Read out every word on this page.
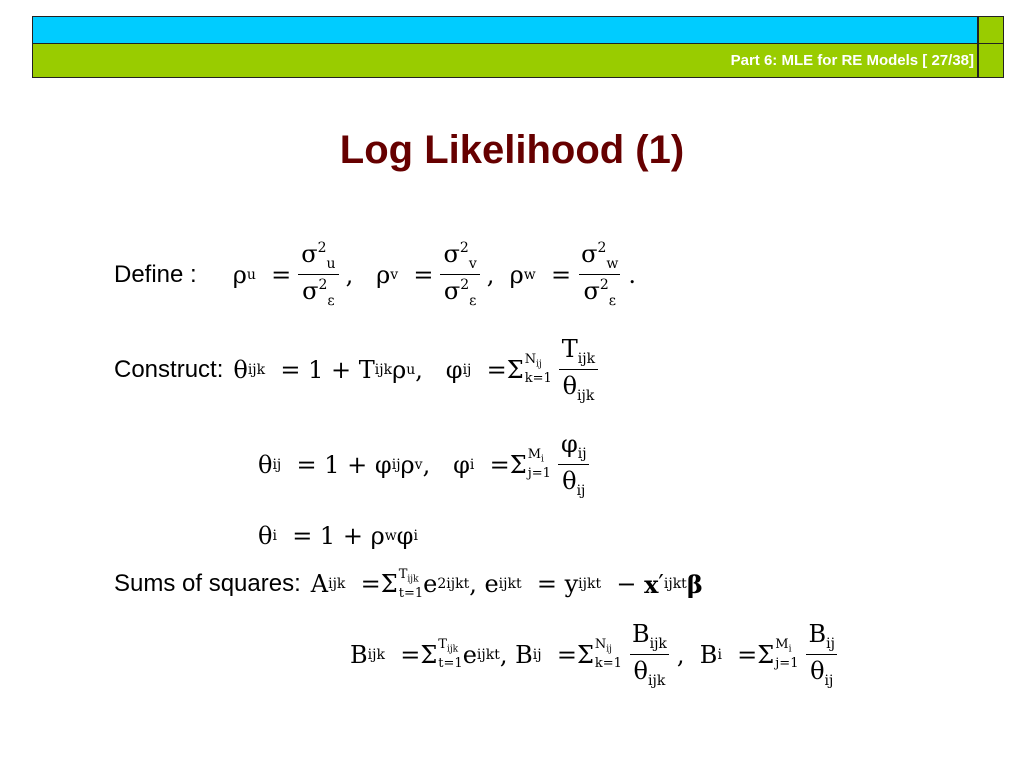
Part 6: MLE for RE Models [ 27/38]
Log Likelihood (1)
Define : ρ $u = \frac{\sigma^2_u}{\sigma^2_\varepsilon}$ ,   ρ $v = \frac{\sigma^2_v}{\sigma^2_\varepsilon}$ ,  ρ $w = \frac{\sigma^2_w}{\sigma^2_\varepsilon}$ .
Construct: θ ijk = 1 + T ijk ρ u ,   φ ij = Σ $N_{ij}$
$k=1 \frac{T_{ijk}}{\theta_{ijk}}$
θ ij = 1 + φ ij ρ v ,   φ i = Σ $M_i$
$j=1 \frac{\varphi_{ij}}{\theta_{ij}}$
θ i = 1 + ρ w φ i
Sums of squares: A ijk = Σ $T_{ijk}$
t=1 e 2 ijkt , e ijkt = y ijkt − x ′ ijkt β
B ijk = Σ $T_{ijk}$
t=1 e ijkt , B ij = Σ $N_{ij}$
$k=1 \frac{B_{ijk}}{\theta_{ijk}}$ ,  B i = Σ $M_i$
$j=1 \frac{B_{ij}}{\theta_{ij}}$
